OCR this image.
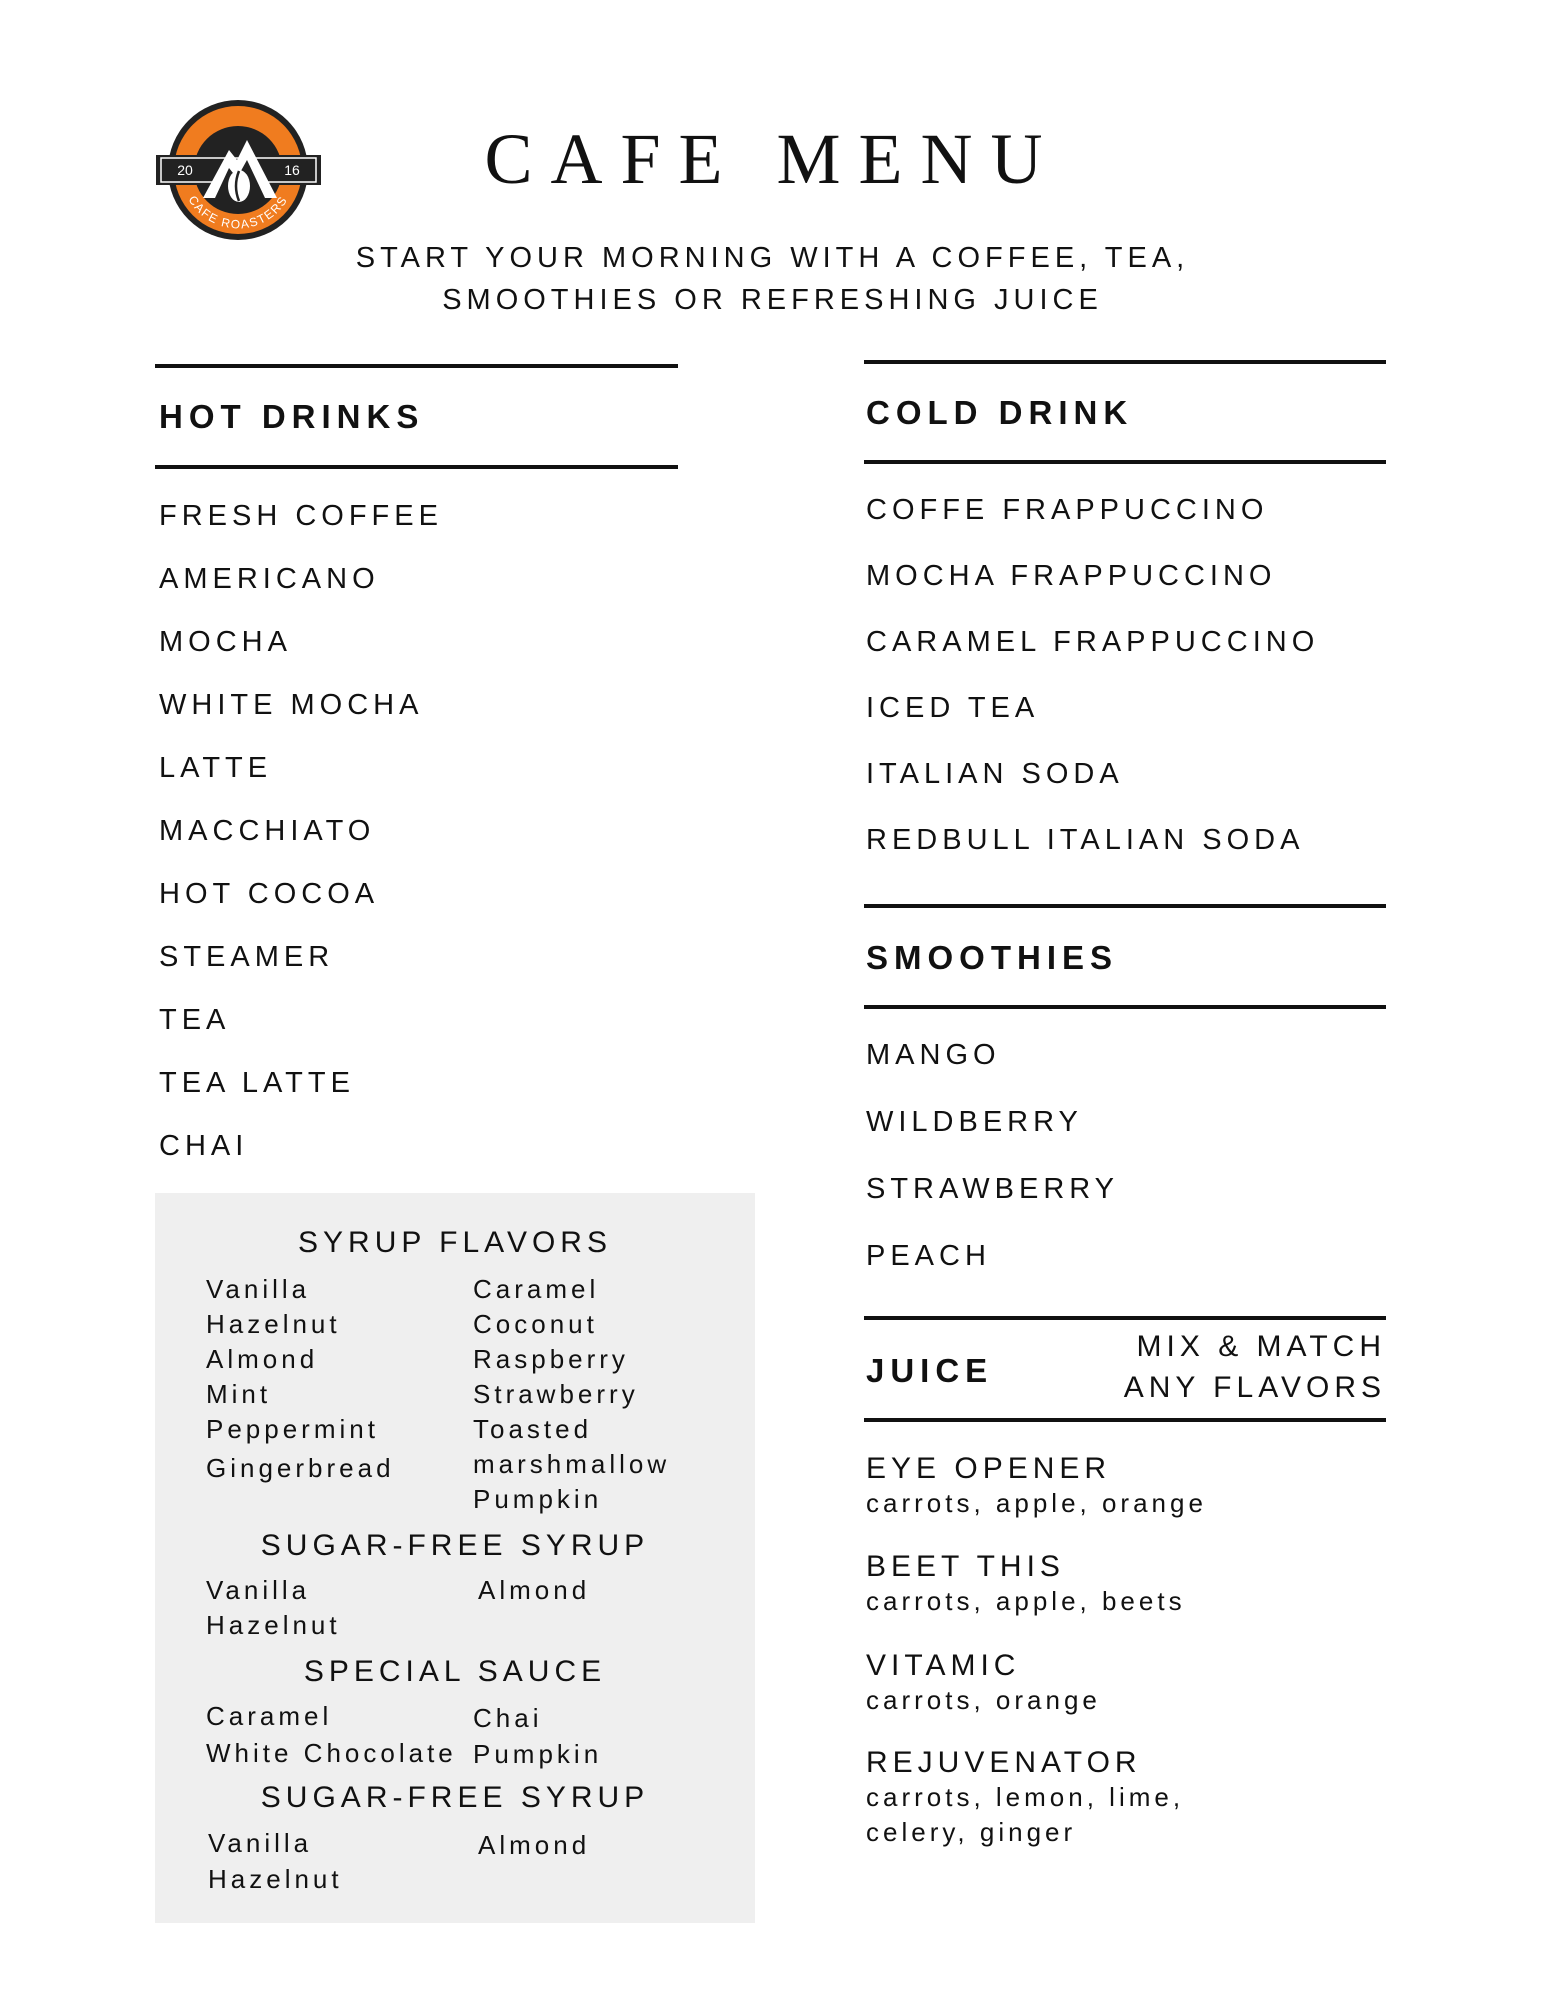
LEAVENWORTH
20	16
CAFE ROASTERS
CAFE MENU
START YOUR MORNING WITH A COFFEE, TEA,
SMOOTHIES OR REFRESHING JUICE
HOT DRINKS
FRESH COFFEE
AMERICANO
MOCHA
WHITE MOCHA
LATTE
MACCHIATO
HOT COCOA
STEAMER
TEA
TEA LATTE
CHAI
SYRUP FLAVORS
Vanilla
Hazelnut
Almond
Mint
Peppermint
Gingerbread
Caramel
Coconut
Raspberry
Strawberry
Toasted
marshmallow
Pumpkin
SUGAR-FREE SYRUP
Vanilla
Hazelnut
Almond
SPECIAL SAUCE
Caramel
White Chocolate
Chai
Pumpkin
SUGAR-FREE SYRUP
Vanilla
Hazelnut
Almond
COLD DRINK
COFFE FRAPPUCCINO
MOCHA FRAPPUCCINO
CARAMEL FRAPPUCCINO
ICED TEA
ITALIAN SODA
REDBULL ITALIAN SODA
SMOOTHIES
MANGO
WILDBERRY
STRAWBERRY
PEACH
JUICE
MIX & MATCH
ANY FLAVORS
EYE OPENER
carrots, apple, orange
BEET THIS
carrots, apple, beets
VITAMIC
carrots, orange
REJUVENATOR
carrots, lemon, lime,
celery, ginger
